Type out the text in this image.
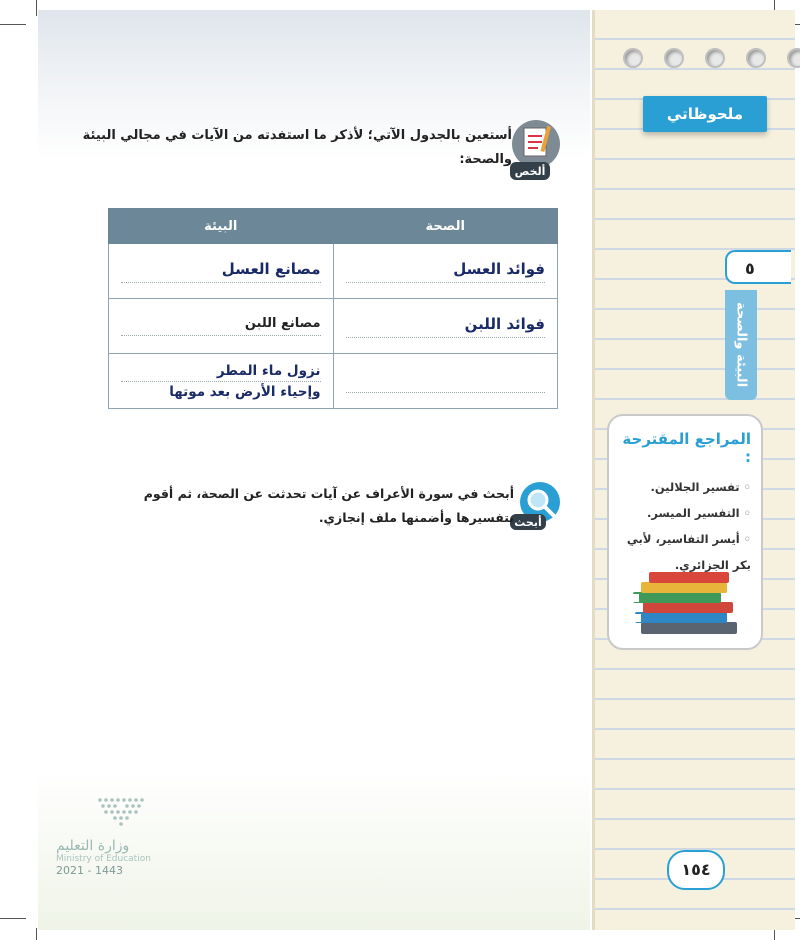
ملحوظاتي
٥
البيئة والصحة
المراجع المقترحة :
◦ تفسير الجلالين.
◦ التفسير الميسر.
◦ أيسر التفاسير، لأبي بكر الجزائري.
١٥٤
ألخص
أستعين بالجدول الآتي؛ لأذكر ما استفدته من الآيات في مجالي البيئة والصحة:
الصحة	البيئة

فوائد العسل	مصانع العسل

فوائد اللبن	مصانع اللبن

	نزول ماء المطر
وإحياء الأرض بعد موتها
أبحث
أبحث في سورة الأعراف عن آيات تحدثت عن الصحة، ثم أقوم بتفسيرها وأضمنها ملف إنجازي.
وزارة التعليم
Ministry of Education
2021 - 1443
